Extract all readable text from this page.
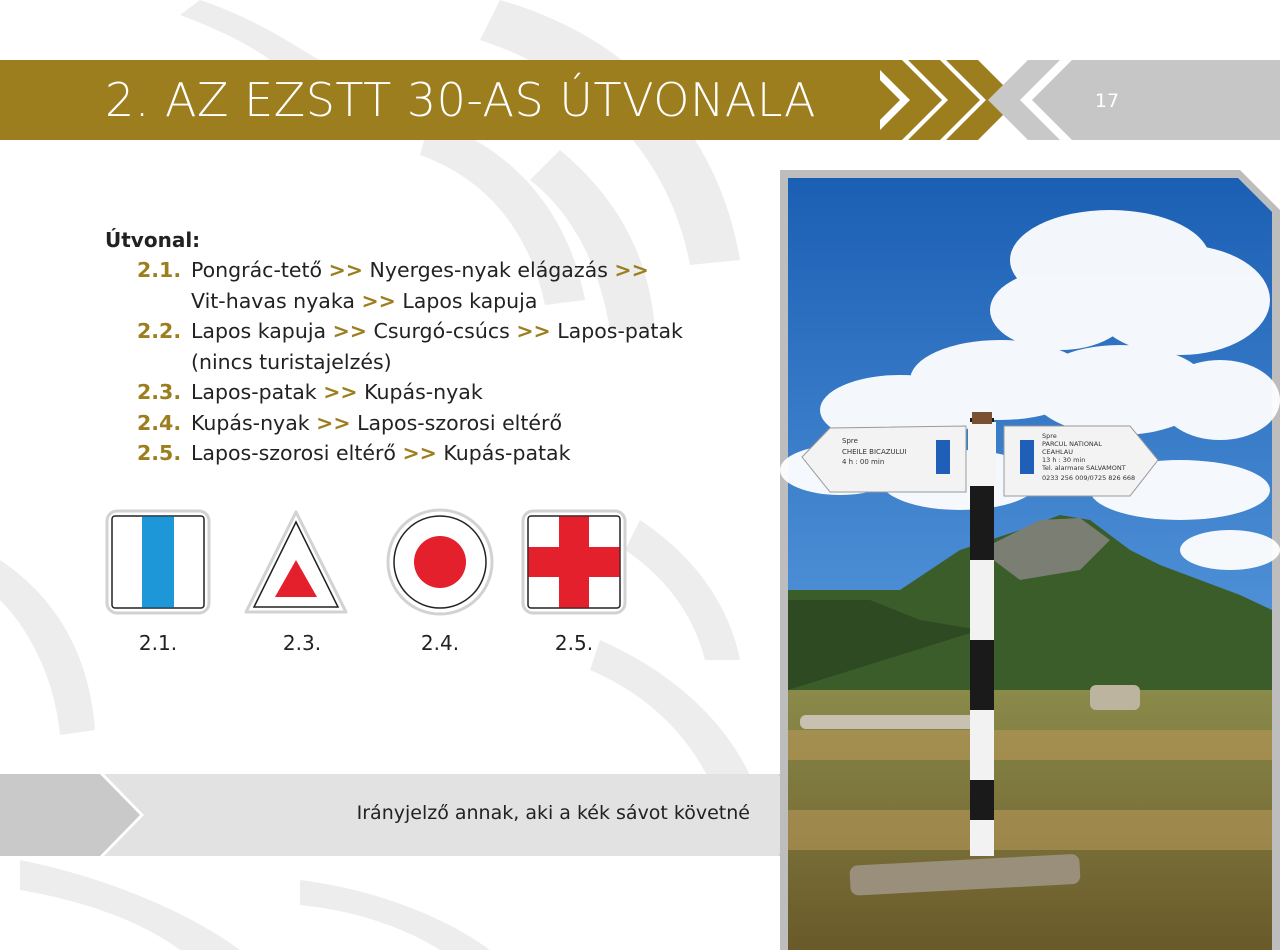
2. AZ EZSTT 30-AS ÚTVONALA	17
Útvonal:
2.1. Pongrác-tető >> Nyerges-nyak elágazás >>
Vit-havas nyaka >> Lapos kapuja
2.2. Lapos kapuja >> Csurgó-csúcs >> Lapos-patak
(nincs turistajelzés)
2.3. Lapos-patak >> Kupás-nyak
2.4. Kupás-nyak >> Lapos-szorosi eltérő
2.5. Lapos-szorosi eltérő >> Kupás-patak
2.1.	2.3.	2.4.	2.5.
Irányjelző annak, aki a kék sávot követné
Spre
CHEILE BICAZULUI
4 h : 00 min
Spre
PARCUL NATIONAL
CEAHLAU
13 h : 30 min
Tel. alarmare SALVAMONT
0233 256 009/0725 826 668
